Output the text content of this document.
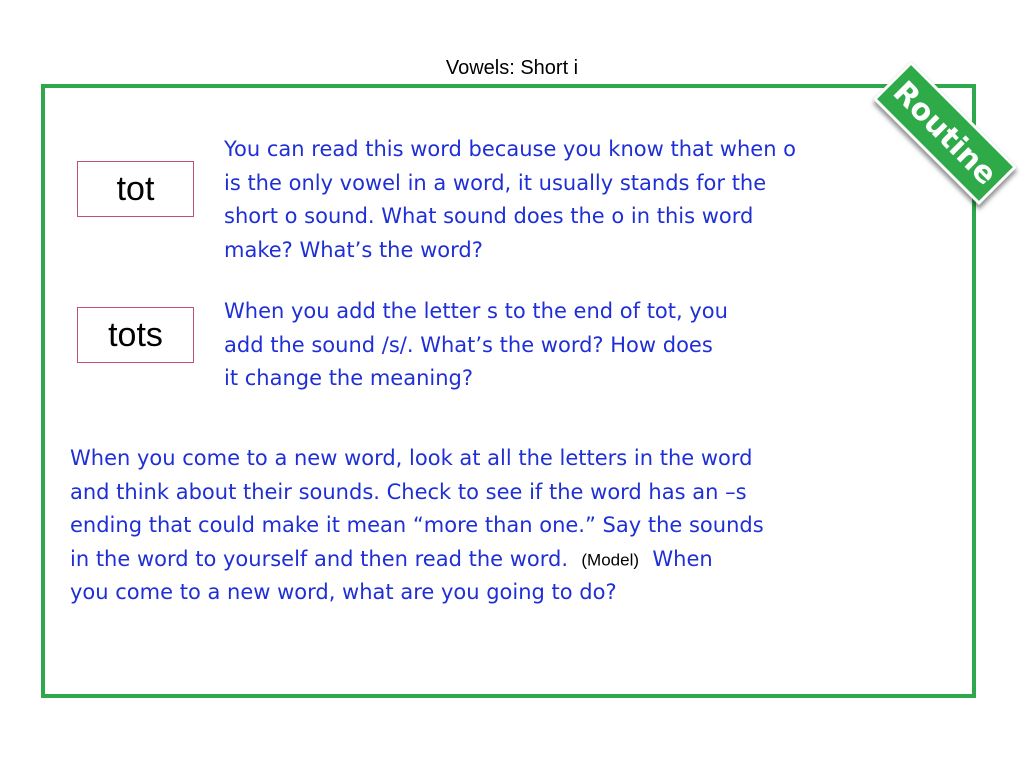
Vowels: Short i
tot
tots
You can read this word because you know that when o
is the only vowel in a word, it usually stands for the
short o sound. What sound does the o in this word
make? What’s the word?
When you add the letter s to the end of tot, you
add the sound /s/. What’s the word? How does
it change the meaning?
When you come to a new word, look at all the letters in the word
and think about their sounds. Check to see if the word has an –s
ending that could make it mean “more than one.” Say the sounds
in the word to yourself and then read the word. (Model) When
you come to a new word, what are you going to do?
Routine
